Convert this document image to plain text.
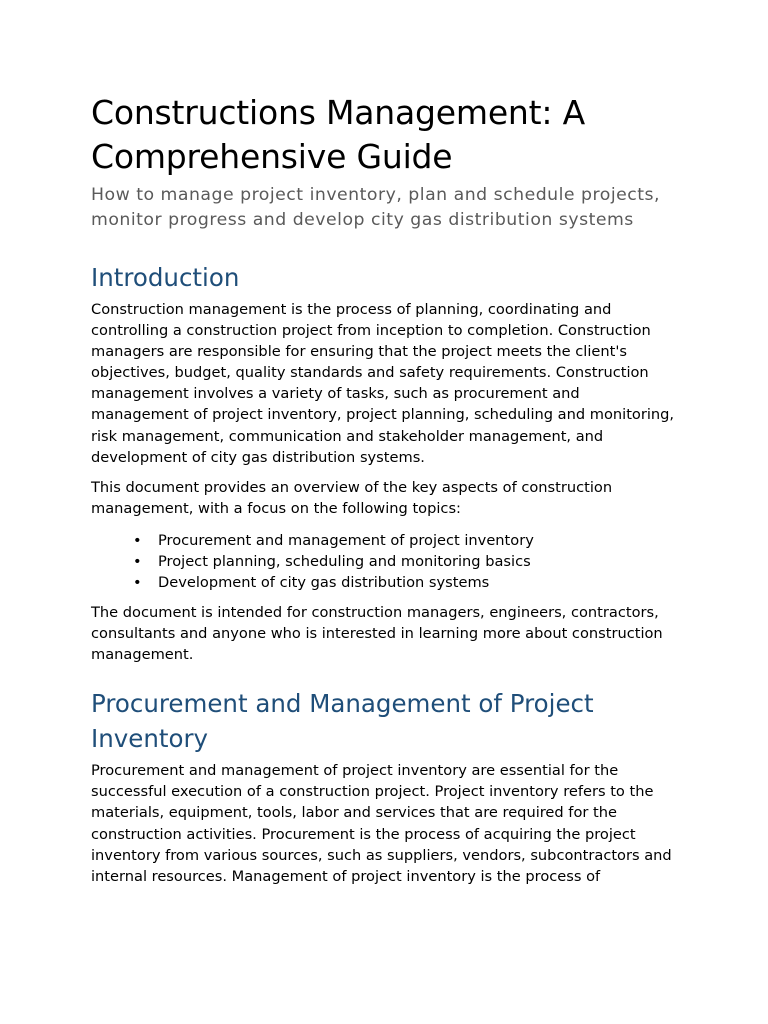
Constructions Management: A Comprehensive Guide
How to manage project inventory, plan and schedule projects, monitor progress and develop city gas distribution systems
Introduction

Construction management is the process of planning, coordinating and controlling a construction project from inception to completion. Construction managers are responsible for ensuring that the project meets the client's objectives, budget, quality standards and safety requirements. Construction management involves a variety of tasks, such as procurement and management of project inventory, project planning, scheduling and monitoring, risk management, communication and stakeholder management, and development of city gas distribution systems.

This document provides an overview of the key aspects of construction management, with a focus on the following topics:

• Procurement and management of project inventory
• Project planning, scheduling and monitoring basics
• Development of city gas distribution systems

The document is intended for construction managers, engineers, contractors, consultants and anyone who is interested in learning more about construction management.

Procurement and Management of Project Inventory

Procurement and management of project inventory are essential for the successful execution of a construction project. Project inventory refers to the materials, equipment, tools, labor and services that are required for the construction activities. Procurement is the process of acquiring the project inventory from various sources, such as suppliers, vendors, subcontractors and internal resources. Management of project inventory is the process of
